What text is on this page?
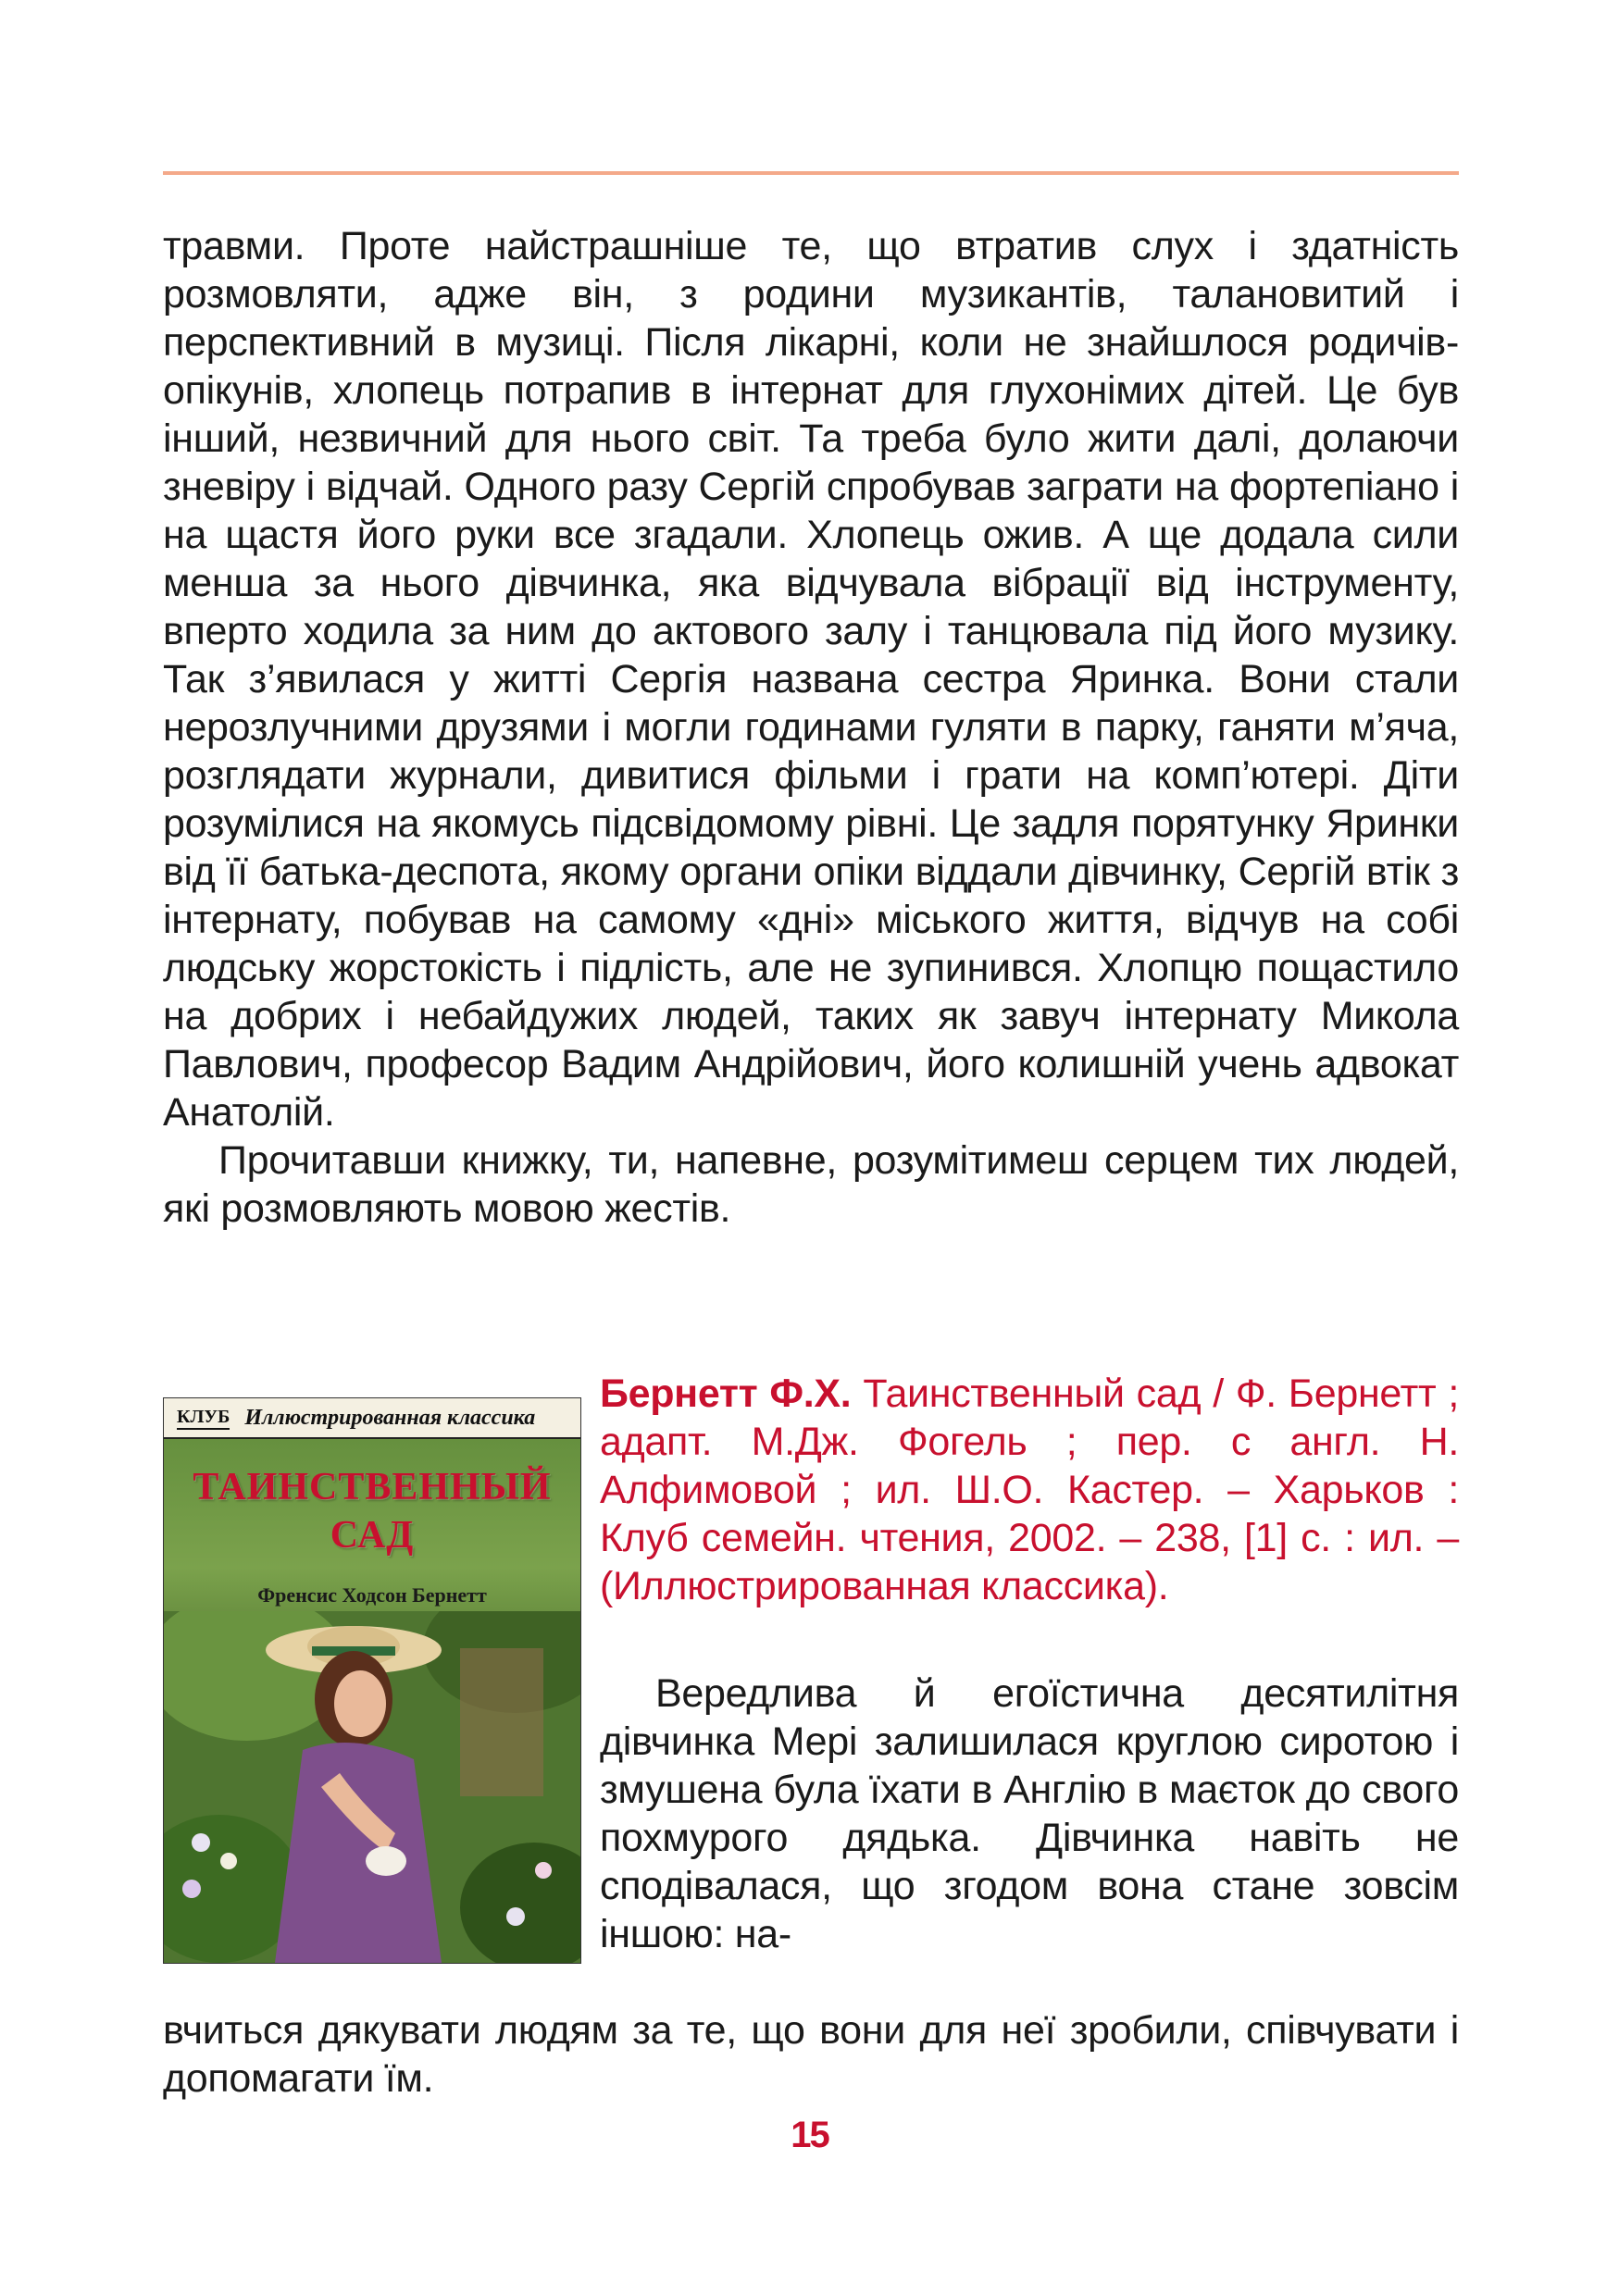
травми. Проте найстрашніше те, що втратив слух і здатність розмовляти, адже він, з родини музикантів, талановитий і перспективний в музиці. Після лікарні, коли не знайшлося родичів-опікунів, хлопець потрапив в інтернат для глухонімих дітей. Це був інший, незвичний для нього світ. Та треба було жити далі, долаючи зневіру і відчай. Одного разу Сергій спробував заграти на фортепіано і на щастя його руки все згадали. Хлопець ожив. А ще додала сили менша за нього дівчинка, яка відчувала вібрації від інструменту, вперто ходила за ним до актового залу і танцювала під його музику. Так з’явилася у житті Сергія названа сестра Яринка. Вони стали нерозлучними друзями і могли годинами гуляти в парку, ганяти м’яча, розглядати журнали, дивитися фільми і грати на комп’ютері. Діти розумілися на якомусь підсвідомому рівні. Це задля порятунку Яринки від її батька-деспота, якому органи опіки віддали дівчинку, Сергій втік з інтернату, побував на самому «дні» міського життя, відчув на собі людську жорстокість і підлість, але не зупинився. Хлопцю пощастило на добрих і небайдужих людей, таких як завуч інтернату Микола Павлович, професор Вадим Андрійович, його колишній учень адвокат Анатолій.

Прочитавши книжку, ти, напевне, розумітимеш серцем тих людей, які розмовляють мовою жестів.

КЛУБ Иллюстрированная классика
ТАИНСТВЕННЫЙ
САД
Френсис Ходсон Бернетт
Бернетт Ф.Х. Таинственный сад / Ф. Бернетт ; адапт. М.Дж. Фогель ; пер. с англ. Н. Алфимовой ; ил. Ш.О. Кастер. – Харьков : Клуб семейн. чтения, 2002. – 238, [1] с. : ил. – (Иллюстрированная классика).

Вередлива й егоїстична десятилітня дівчинка Мері залишилася круглою сиротою і змушена була їхати в Англію в маєток до свого похмурого дядька. Дівчинка навіть не сподівалася, що згодом вона стане зовсім іншою: на-

вчиться дякувати людям за те, що вони для неї зробили, співчувати і допомагати їм.

15
